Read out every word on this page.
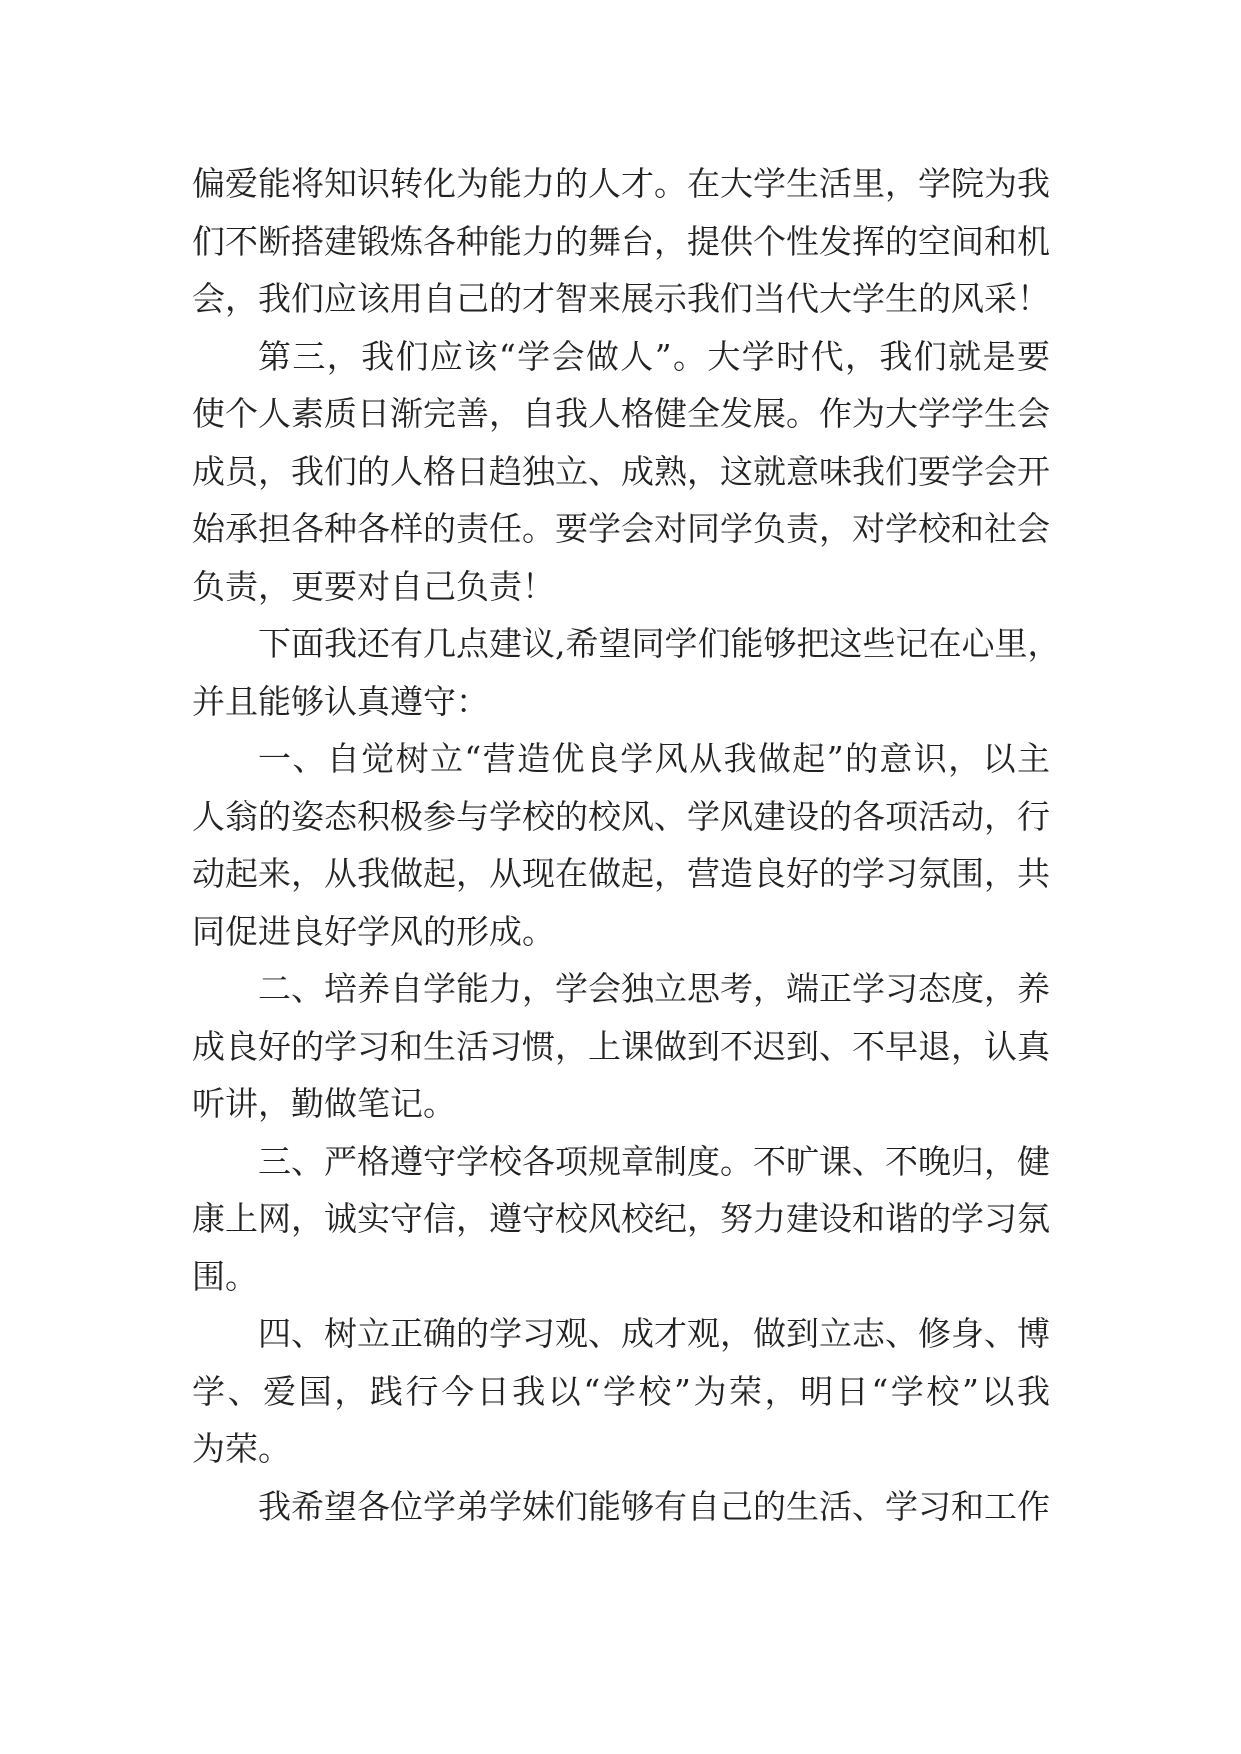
偏爱能将知识转化为能力的人才。在大学生活里，学院为我
们不断搭建锻炼各种能力的舞台，提供个性发挥的空间和机
会，我们应该用自己的才智来展示我们当代大学生的风采！
第三，我们应该“学会做人”。大学时代，我们就是要
使个人素质日渐完善，自我人格健全发展。作为大学学生会
成员，我们的人格日趋独立、成熟，这就意味我们要学会开
始承担各种各样的责任。要学会对同学负责，对学校和社会
负责，更要对自己负责！
下面我还有几点建议,希望同学们能够把这些记在心里，
并且能够认真遵守：
一、自觉树立“营造优良学风从我做起”的意识，以主
人翁的姿态积极参与学校的校风、学风建设的各项活动，行
动起来，从我做起，从现在做起，营造良好的学习氛围，共
同促进良好学风的形成。
二、培养自学能力，学会独立思考，端正学习态度，养
成良好的学习和生活习惯，上课做到不迟到、不早退，认真
听讲，勤做笔记。
三、严格遵守学校各项规章制度。不旷课、不晚归，健
康上网，诚实守信，遵守校风校纪，努力建设和谐的学习氛
围。
四、树立正确的学习观、成才观，做到立志、修身、博
学、爱国，践行今日我以“学校”为荣，明日“学校”以我
为荣。
我希望各位学弟学妹们能够有自己的生活、学习和工作
